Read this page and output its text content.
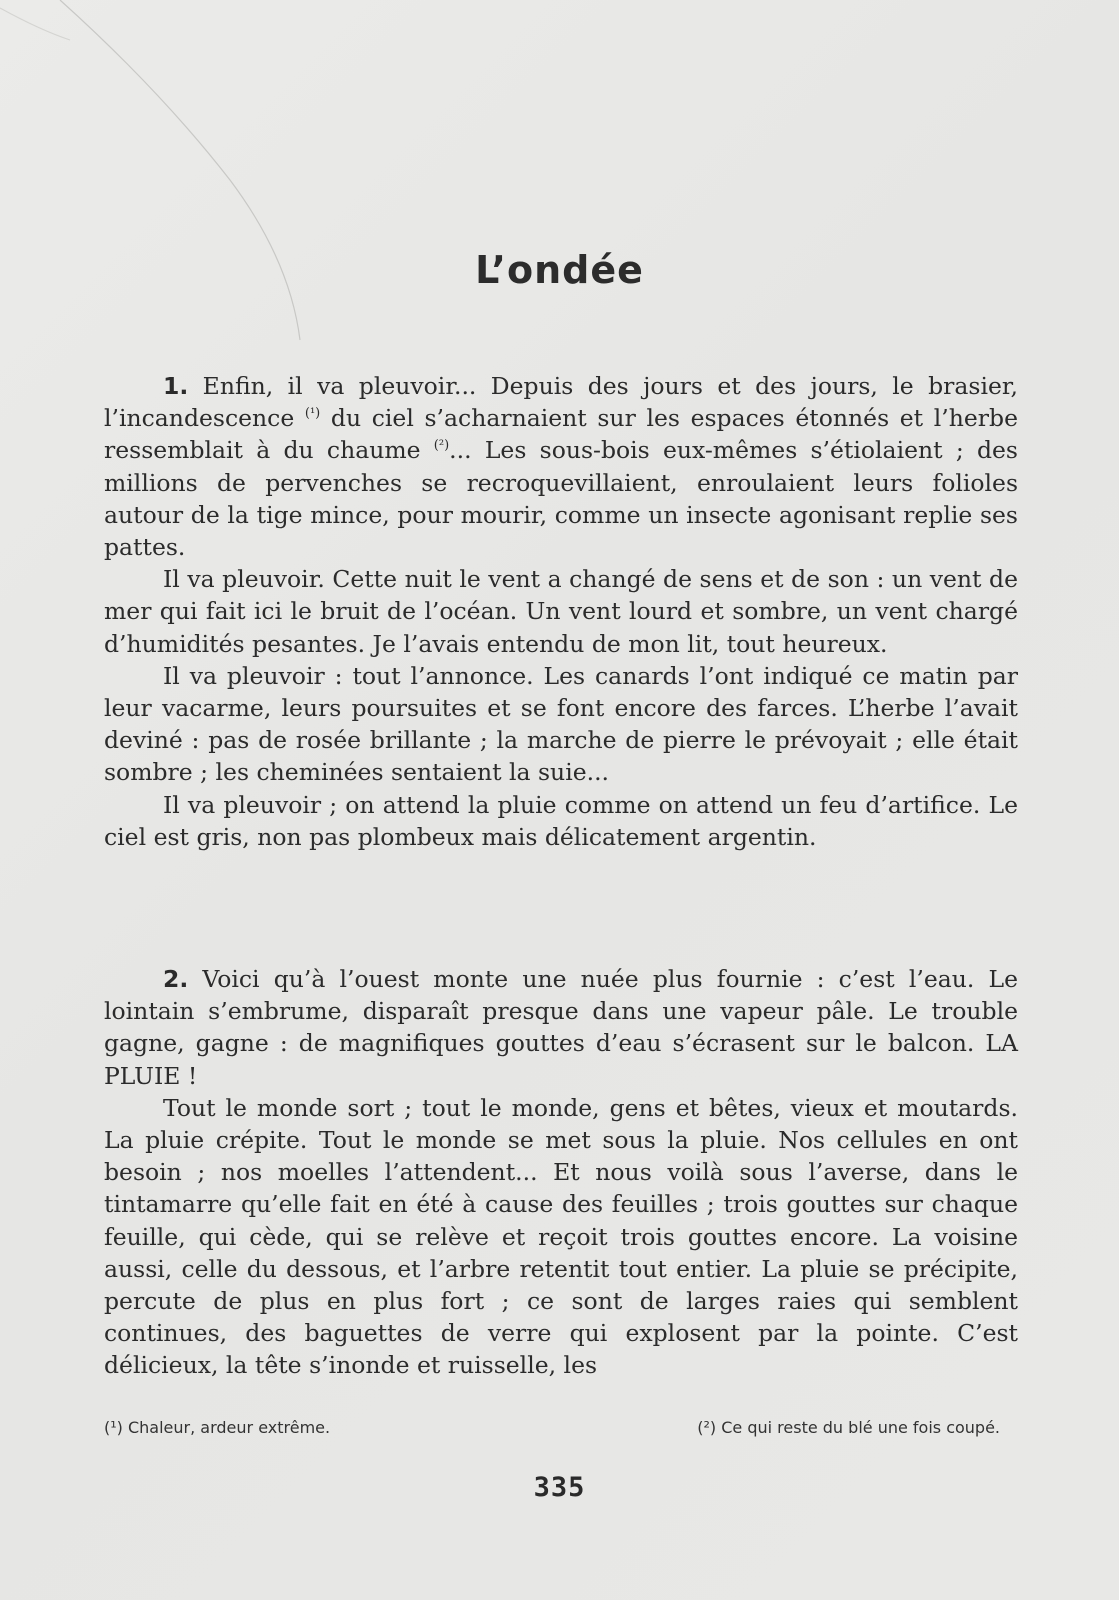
L’ondée

1. Enfin, il va pleuvoir... Depuis des jours et des jours, le brasier, l’incandescence $^{(^1)}$ du ciel s’acharnaient sur les espaces étonnés et l’herbe ressemblait à du chaume $^{(^2)}$... Les sous-bois eux-mêmes s’étiolaient ; des millions de pervenches se recroquevillaient, enroulaient leurs folioles autour de la tige mince, pour mourir, comme un insecte agonisant replie ses pattes.

Il va pleuvoir. Cette nuit le vent a changé de sens et de son : un vent de mer qui fait ici le bruit de l’océan. Un vent lourd et sombre, un vent chargé d’humidités pesantes. Je l’avais entendu de mon lit, tout heureux.

Il va pleuvoir : tout l’annonce. Les canards l’ont indiqué ce matin par leur vacarme, leurs poursuites et se font encore des farces. L’herbe l’avait deviné : pas de rosée brillante ; la marche de pierre le prévoyait ; elle était sombre ; les cheminées sentaient la suie...

Il va pleuvoir ; on attend la pluie comme on attend un feu d’artifice. Le ciel est gris, non pas plombeux mais délicatement argentin.

2. Voici qu’à l’ouest monte une nuée plus fournie : c’est l’eau. Le lointain s’embrume, disparaît presque dans une vapeur pâle. Le trouble gagne, gagne : de magnifiques gouttes d’eau s’écrasent sur le balcon. LA PLUIE !

Tout le monde sort ; tout le monde, gens et bêtes, vieux et moutards. La pluie crépite. Tout le monde se met sous la pluie. Nos cellules en ont besoin ; nos moelles l’attendent... Et nous voilà sous l’averse, dans le tintamarre qu’elle fait en été à cause des feuilles ; trois gouttes sur chaque feuille, qui cède, qui se relève et reçoit trois gouttes encore. La voisine aussi, celle du dessous, et l’arbre retentit tout entier. La pluie se précipite, percute de plus en plus fort ; ce sont de larges raies qui semblent continues, des baguettes de verre qui explosent par la pointe. C’est délicieux, la tête s’inonde et ruisselle, les

(¹) Chaleur, ardeur extrême.	(²) Ce qui reste du blé une fois coupé.
335
